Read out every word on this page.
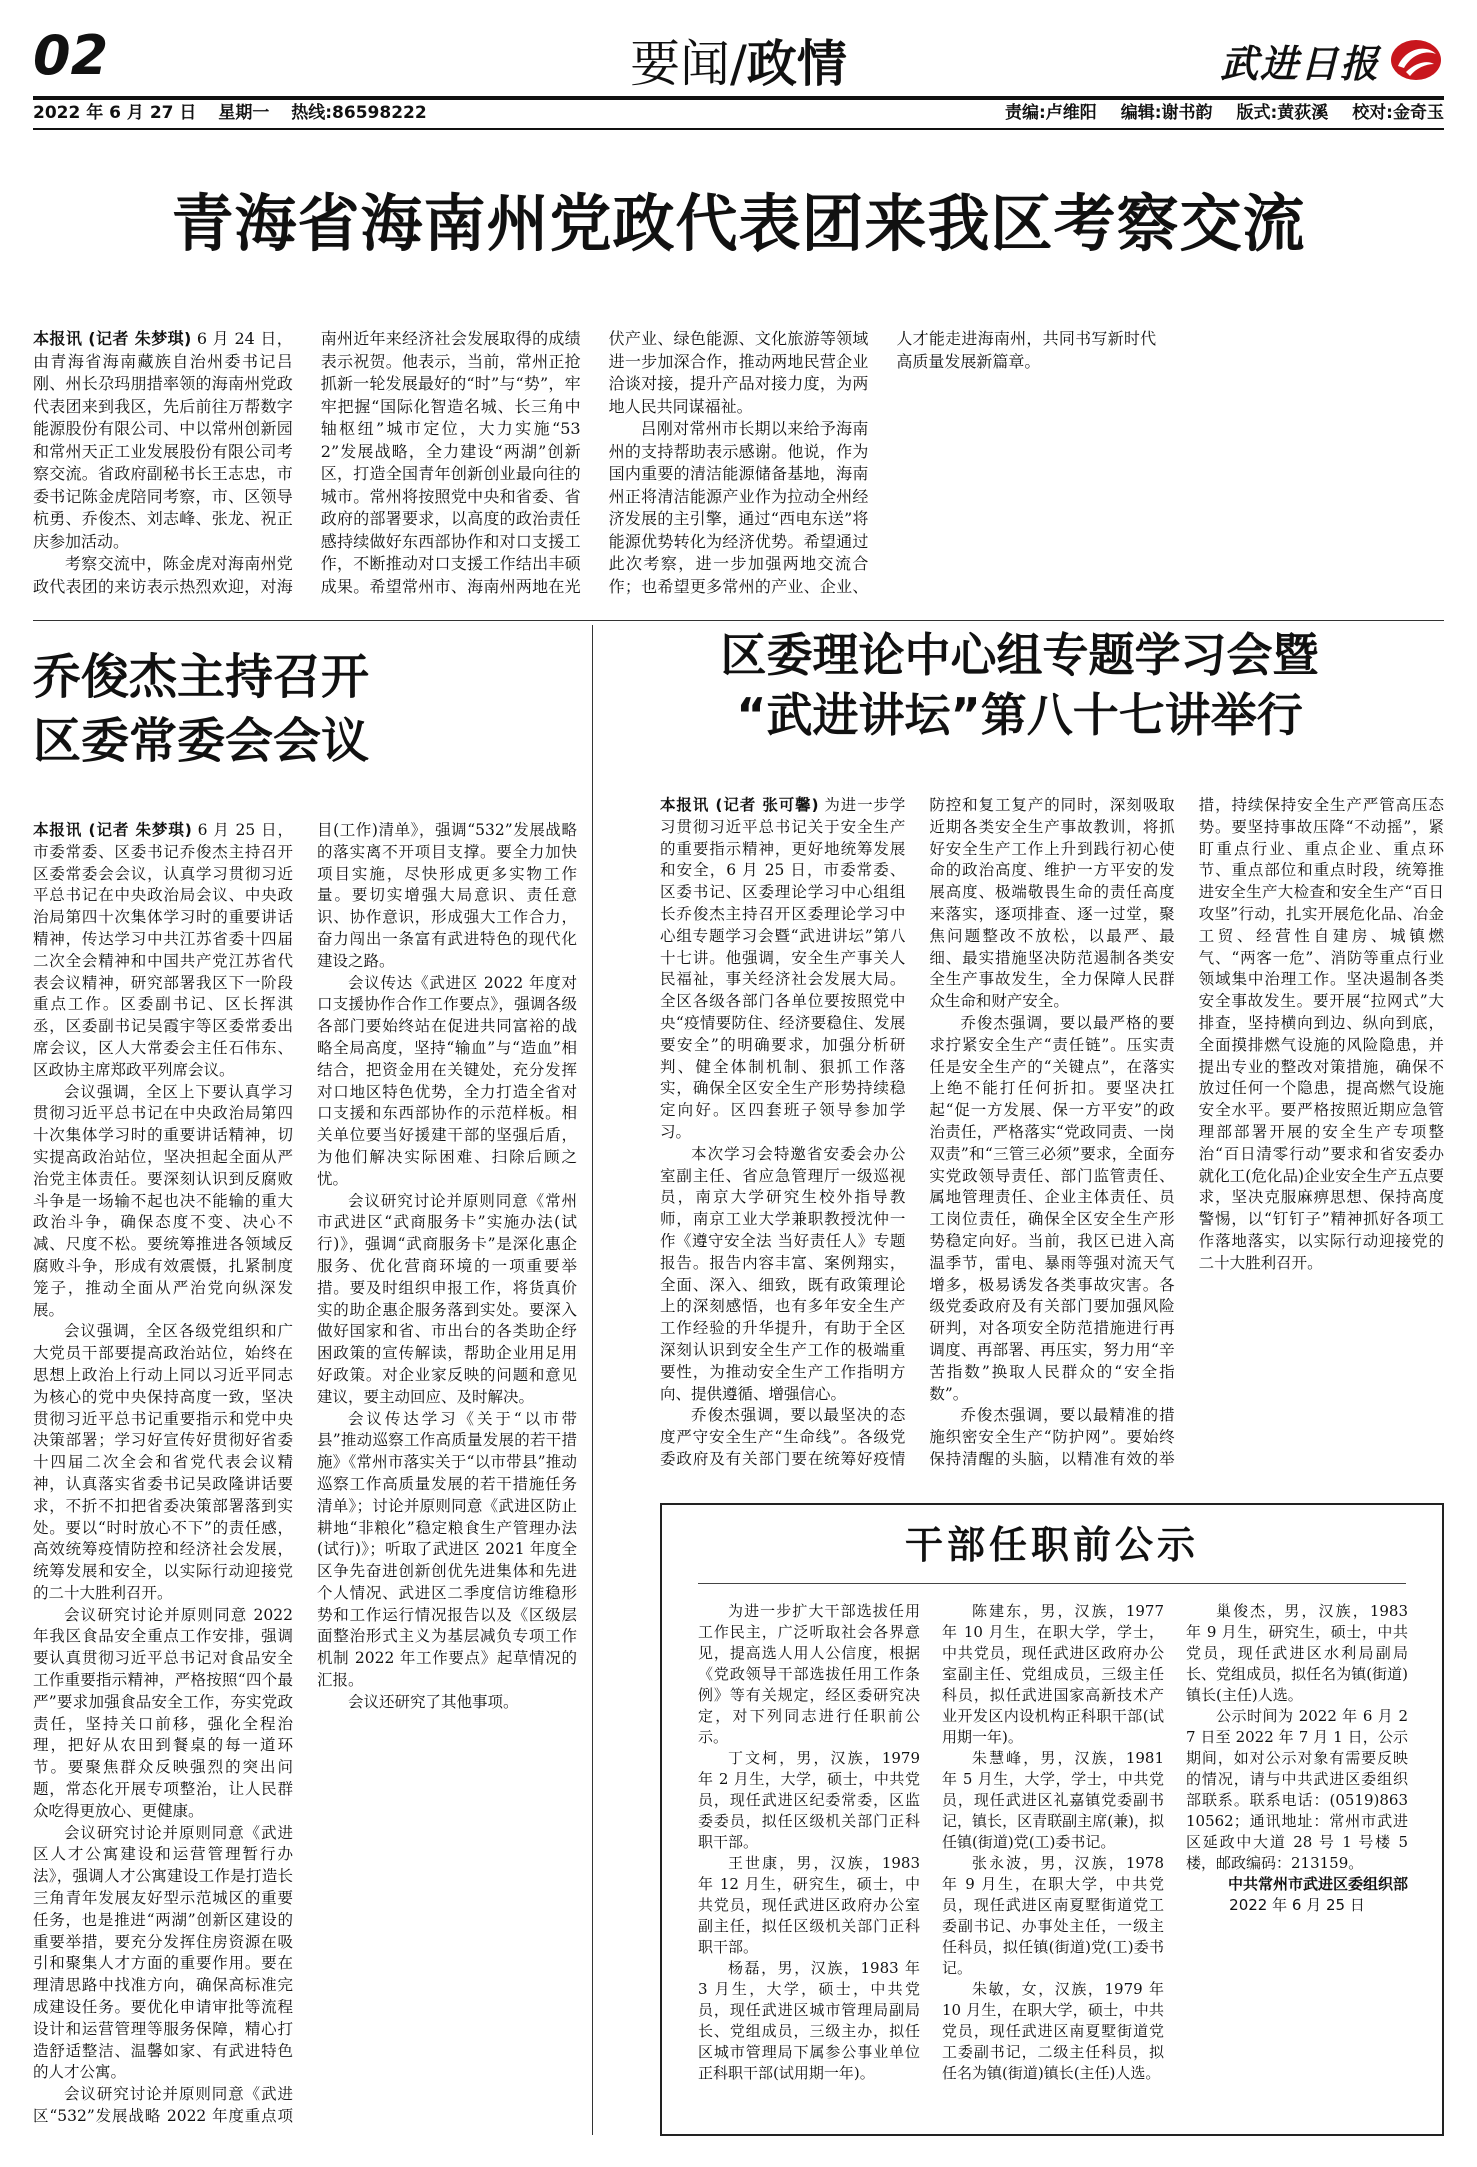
02	要闻/政情	武进日报
2022 年 6 月 27 日 星期一 热线:86598222	责编:卢维阳 编辑:谢书韵 版式:黄荻溪 校对:金奇玉
青海省海南州党政代表团来我区考察交流

本报讯 (记者 朱梦琪) 6 月 24 日，由青海省海南藏族自治州委书记吕刚、州长尕玛朋措率领的海南州党政代表团来到我区，先后前往万帮数字能源股份有限公司、中以常州创新园和常州天正工业发展股份有限公司考察交流。省政府副秘书长王志忠，市委书记陈金虎陪同考察，市、区领导杭勇、乔俊杰、刘志峰、张龙、祝正庆参加活动。

考察交流中，陈金虎对海南州党政代表团的来访表示热烈欢迎，对海南州近年来经济社会发展取得的成绩表示祝贺。他表示，当前，常州正抢抓新一轮发展最好的“时”与“势”，牢牢把握“国际化智造名城、长三角中轴枢纽”城市定位，大力实施“532”发展战略，全力建设“两湖”创新区，打造全国青年创新创业最向往的城市。常州将按照党中央和省委、省政府的部署要求，以高度的政治责任感持续做好东西部协作和对口支援工作，不断推动对口支援工作结出丰硕成果。希望常州市、海南州两地在光伏产业、绿色能源、文化旅游等领域进一步加深合作，推动两地民营企业洽谈对接，提升产品对接力度，为两地人民共同谋福祉。

吕刚对常州市长期以来给予海南州的支持帮助表示感谢。他说，作为国内重要的清洁能源储备基地，海南州正将清洁能源产业作为拉动全州经济发展的主引擎，通过“西电东送”将能源优势转化为经济优势。希望通过此次考察，进一步加强两地交流合作；也希望更多常州的产业、企业、人才能走进海南州，共同书写新时代高质量发展新篇章。

乔俊杰主持召开
区委常委会会议

本报讯 (记者 朱梦琪) 6 月 25 日，市委常委、区委书记乔俊杰主持召开区委常委会会议，认真学习贯彻习近平总书记在中央政治局会议、中央政治局第四十次集体学习时的重要讲话精神，传达学习中共江苏省委十四届二次全会精神和中国共产党江苏省代表会议精神，研究部署我区下一阶段重点工作。区委副书记、区长挥淇丞，区委副书记吴霞宇等区委常委出席会议，区人大常委会主任石伟东、区政协主席郑政平列席会议。

会议强调，全区上下要认真学习贯彻习近平总书记在中央政治局第四十次集体学习时的重要讲话精神，切实提高政治站位，坚决担起全面从严治党主体责任。要深刻认识到反腐败斗争是一场输不起也决不能输的重大政治斗争，确保态度不变、决心不减、尺度不松。要统筹推进各领域反腐败斗争，形成有效震慑，扎紧制度笼子，推动全面从严治党向纵深发展。

会议强调，全区各级党组织和广大党员干部要提高政治站位，始终在思想上政治上行动上同以习近平同志为核心的党中央保持高度一致，坚决贯彻习近平总书记重要指示和党中央决策部署；学习好宣传好贯彻好省委十四届二次全会和省党代表会议精神，认真落实省委书记吴政隆讲话要求，不折不扣把省委决策部署落到实处。要以“时时放心不下”的责任感，高效统筹疫情防控和经济社会发展，统筹发展和安全，以实际行动迎接党的二十大胜利召开。

会议研究讨论并原则同意 2022 年我区食品安全重点工作安排，强调要认真贯彻习近平总书记对食品安全工作重要指示精神，严格按照“四个最严”要求加强食品安全工作，夯实党政责任，坚持关口前移，强化全程治理，把好从农田到餐桌的每一道环节。要聚焦群众反映强烈的突出问题，常态化开展专项整治，让人民群众吃得更放心、更健康。

会议研究讨论并原则同意《武进区人才公寓建设和运营管理暂行办法》，强调人才公寓建设工作是打造长三角青年发展友好型示范城区的重要任务，也是推进“两湖”创新区建设的重要举措，要充分发挥住房资源在吸引和聚集人才方面的重要作用。要在理清思路中找准方向，确保高标准完成建设任务。要优化申请审批等流程设计和运营管理等服务保障，精心打造舒适整洁、温馨如家、有武进特色的人才公寓。

会议研究讨论并原则同意《武进区“532”发展战略 2022 年度重点项目(工作)清单》，强调“532”发展战略的落实离不开项目支撑。要全力加快项目实施，尽快形成更多实物工作量。要切实增强大局意识、责任意识、协作意识，形成强大工作合力，奋力闯出一条富有武进特色的现代化建设之路。

会议传达《武进区 2022 年度对口支援协作合作工作要点》，强调各级各部门要始终站在促进共同富裕的战略全局高度，坚持“输血”与“造血”相结合，把资金用在关键处，充分发挥对口地区特色优势，全力打造全省对口支援和东西部协作的示范样板。相关单位要当好援建干部的坚强后盾，为他们解决实际困难、扫除后顾之忧。

会议研究讨论并原则同意《常州市武进区“武商服务卡”实施办法(试行)》，强调“武商服务卡”是深化惠企服务、优化营商环境的一项重要举措。要及时组织申报工作，将货真价实的助企惠企服务落到实处。要深入做好国家和省、市出台的各类助企纾困政策的宣传解读，帮助企业用足用好政策。对企业家反映的问题和意见建议，要主动回应、及时解决。

会议传达学习《关于“以市带县”推动巡察工作高质量发展的若干措施》《常州市落实关于“以市带县”推动巡察工作高质量发展的若干措施任务清单》；讨论并原则同意《武进区防止耕地“非粮化”稳定粮食生产管理办法(试行)》；听取了武进区 2021 年度全区争先奋进创新创优先进集体和先进个人情况、武进区二季度信访维稳形势和工作运行情况报告以及《区级层面整治形式主义为基层减负专项工作机制 2022 年工作要点》起草情况的汇报。

会议还研究了其他事项。

区委理论中心组专题学习会暨
“武进讲坛”第八十七讲举行

本报讯 (记者 张可馨) 为进一步学习贯彻习近平总书记关于安全生产的重要指示精神，更好地统筹发展和安全，6 月 25 日，市委常委、区委书记、区委理论学习中心组组长乔俊杰主持召开区委理论学习中心组专题学习会暨“武进讲坛”第八十七讲。他强调，安全生产事关人民福祉，事关经济社会发展大局。全区各级各部门各单位要按照党中央“疫情要防住、经济要稳住、发展要安全”的明确要求，加强分析研判、健全体制机制、狠抓工作落实，确保全区安全生产形势持续稳定向好。区四套班子领导参加学习。

本次学习会特邀省安委会办公室副主任、省应急管理厅一级巡视员，南京大学研究生校外指导教师，南京工业大学兼职教授沈仲一作《遵守安全法 当好责任人》专题报告。报告内容丰富、案例翔实，全面、深入、细致，既有政策理论上的深刻感悟，也有多年安全生产工作经验的升华提升，有助于全区深刻认识到安全生产工作的极端重要性，为推动安全生产工作指明方向、提供遵循、增强信心。

乔俊杰强调，要以最坚决的态度严守安全生产“生命线”。各级党委政府及有关部门要在统筹好疫情防控和复工复产的同时，深刻吸取近期各类安全生产事故教训，将抓好安全生产工作上升到践行初心使命的政治高度、维护一方平安的发展高度、极端敬畏生命的责任高度来落实，逐项排查、逐一过堂，聚焦问题整改不放松，以最严、最细、最实措施坚决防范遏制各类安全生产事故发生，全力保障人民群众生命和财产安全。

乔俊杰强调，要以最严格的要求拧紧安全生产“责任链”。压实责任是安全生产的“关键点”，在落实上绝不能打任何折扣。要坚决扛起“促一方发展、保一方平安”的政治责任，严格落实“党政同责、一岗双责”和“三管三必须”要求，全面夯实党政领导责任、部门监管责任、属地管理责任、企业主体责任、员工岗位责任，确保全区安全生产形势稳定向好。当前，我区已进入高温季节，雷电、暴雨等强对流天气增多，极易诱发各类事故灾害。各级党委政府及有关部门要加强风险研判，对各项安全防范措施进行再调度、再部署、再压实，努力用“辛苦指数”换取人民群众的“安全指数”。

乔俊杰强调，要以最精准的措施织密安全生产“防护网”。要始终保持清醒的头脑，以精准有效的举措，持续保持安全生产严管高压态势。要坚持事故压降“不动摇”，紧盯重点行业、重点企业、重点环节、重点部位和重点时段，统筹推进安全生产大检查和安全生产“百日攻坚”行动，扎实开展危化品、冶金工贸、经营性自建房、城镇燃气、“两客一危”、消防等重点行业领域集中治理工作。坚决遏制各类安全事故发生。要开展“拉网式”大排查，坚持横向到边、纵向到底，全面摸排燃气设施的风险隐患，并提出专业的整改对策措施，确保不放过任何一个隐患，提高燃气设施安全水平。要严格按照近期应急管理部部署开展的安全生产专项整治“百日清零行动”要求和省安委办就化工(危化品)企业安全生产五点要求，坚决克服麻痹思想、保持高度警惕，以“钉钉子”精神抓好各项工作落地落实，以实际行动迎接党的二十大胜利召开。

干部任职前公示

为进一步扩大干部选拔任用工作民主，广泛听取社会各界意见，提高选人用人公信度，根据《党政领导干部选拔任用工作条例》等有关规定，经区委研究决定，对下列同志进行任职前公示。

丁文柯，男，汉族，1979 年 2 月生，大学，硕士，中共党员，现任武进区纪委常委，区监委委员，拟任区级机关部门正科职干部。

王世康，男，汉族，1983 年 12 月生，研究生，硕士，中共党员，现任武进区政府办公室副主任，拟任区级机关部门正科职干部。

杨磊，男，汉族，1983 年 3 月生，大学，硕士，中共党员，现任武进区城市管理局副局长、党组成员，三级主办，拟任区城市管理局下属参公事业单位正科职干部(试用期一年)。

陈建东，男，汉族，1977 年 10 月生，在职大学，学士，中共党员，现任武进区政府办公室副主任、党组成员，三级主任科员，拟任武进国家高新技术产业开发区内设机构正科职干部(试用期一年)。

朱慧峰，男，汉族，1981 年 5 月生，大学，学士，中共党员，现任武进区礼嘉镇党委副书记，镇长，区青联副主席(兼)，拟任镇(街道)党(工)委书记。

张永波，男，汉族，1978 年 9 月生，在职大学，中共党员，现任武进区南夏墅街道党工委副书记、办事处主任，一级主任科员，拟任镇(街道)党(工)委书记。

朱敏，女，汉族，1979 年 10 月生，在职大学，硕士，中共党员，现任武进区南夏墅街道党工委副书记，二级主任科员，拟任名为镇(街道)镇长(主任)人选。

巢俊杰，男，汉族，1983 年 9 月生，研究生，硕士，中共党员，现任武进区水利局副局长、党组成员，拟任名为镇(街道)镇长(主任)人选。

公示时间为 2022 年 6 月 27 日至 2022 年 7 月 1 日，公示期间，如对公示对象有需要反映的情况，请与中共武进区委组织部联系。联系电话：(0519)86310562；通讯地址：常州市武进区延政中大道 28 号 1 号楼 5 楼，邮政编码：213159。

中共常州市武进区委组织部

2022 年 6 月 25 日
